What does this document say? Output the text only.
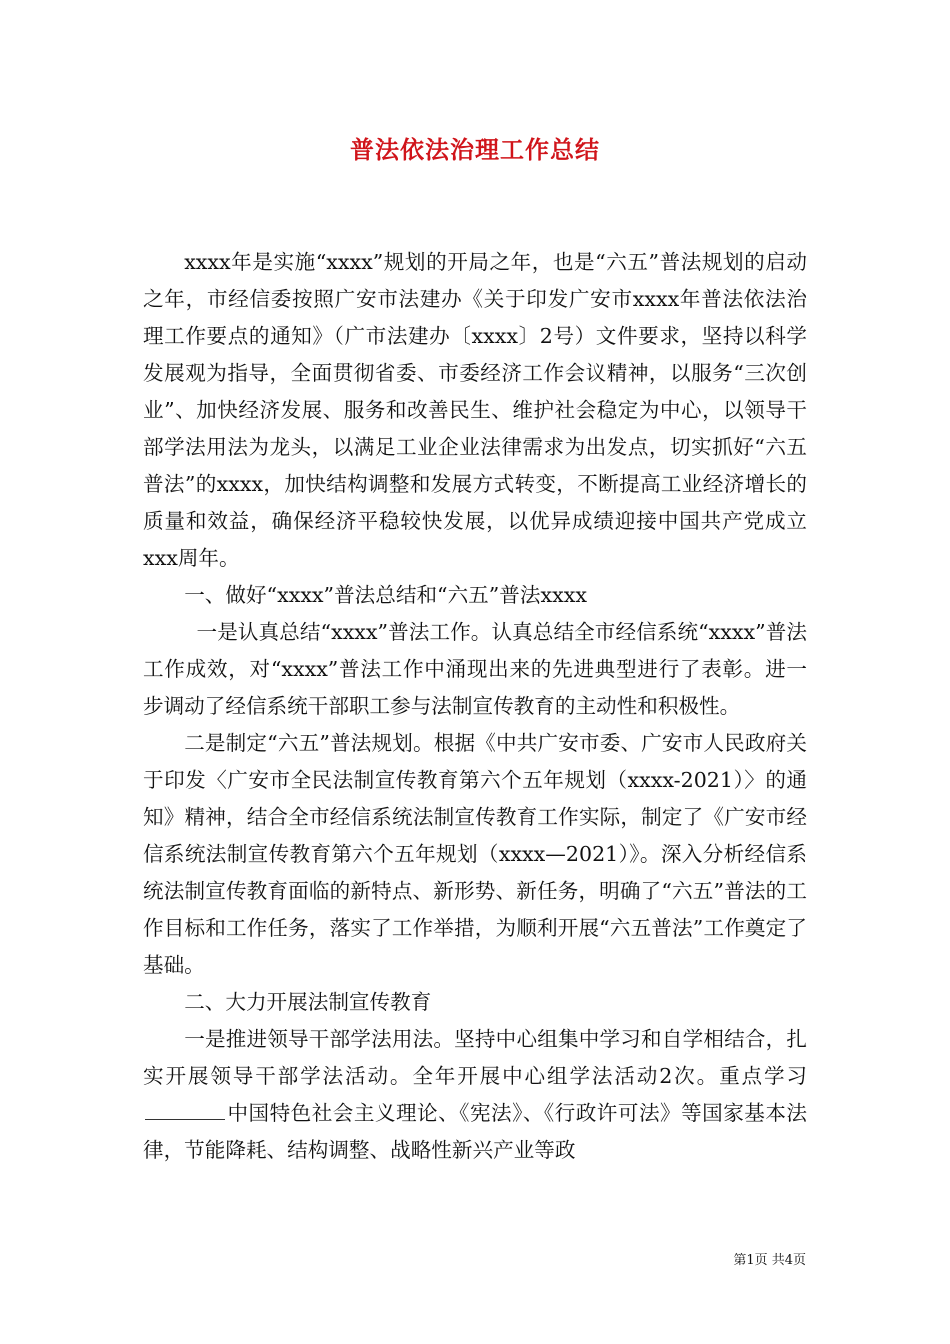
普法依法治理工作总结

xxxx年是实施“xxxx”规划的开局之年，也是“六五”普法规划的启动之年，市经信委按照广安市法建办《关于印发广安市xxxx年普法依法治理工作要点的通知》（广市法建办〔xxxx〕2号）文件要求，坚持以科学发展观为指导，全面贯彻省委、市委经济工作会议精神，以服务“三次创业”、加快经济发展、服务和改善民生、维护社会稳定为中心，以领导干部学法用法为龙头，以满足工业企业法律需求为出发点，切实抓好“六五普法”的xxxx，加快结构调整和发展方式转变，不断提高工业经济增长的质量和效益，确保经济平稳较快发展，以优异成绩迎接中国共产党成立xxx周年。

一、做好“xxxx”普法总结和“六五”普法xxxx

一是认真总结“xxxx”普法工作。认真总结全市经信系统“xxxx”普法工作成效，对“xxxx”普法工作中涌现出来的先进典型进行了表彰。进一步调动了经信系统干部职工参与法制宣传教育的主动性和积极性。

二是制定“六五”普法规划。根据《中共广安市委、广安市人民政府关于印发〈广安市全民法制宣传教育第六个五年规划（xxxx-2021）〉的通知》精神，结合全市经信系统法制宣传教育工作实际，制定了《广安市经信系统法制宣传教育第六个五年规划（xxxx—2021）》。深入分析经信系统法制宣传教育面临的新特点、新形势、新任务，明确了“六五”普法的工作目标和工作任务，落实了工作举措，为顺利开展“六五普法”工作奠定了基础。

二、大力开展法制宣传教育

一是推进领导干部学法用法。坚持中心组集中学习和自学相结合，扎实开展领导干部学法活动。全年开展中心组学法活动2次。重点学习中国特色社会主义理论、《宪法》、《行政许可法》等国家基本法律，节能降耗、结构调整、战略性新兴产业等政

第1页 共4页
